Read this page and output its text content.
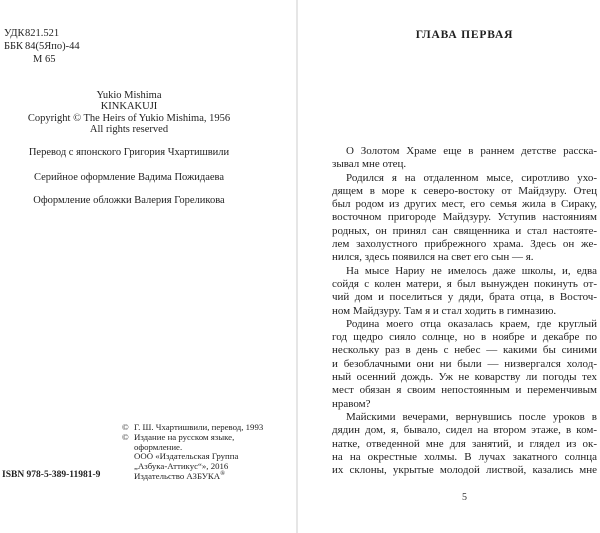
УДК821.521
ББК 84(5Япо)-44
М 65
Yukio Mishima
KINKAKUJI
Copyright © The Heirs of Yukio Mishima, 1956
All rights reserved
Перевод с японского Григория Чхартишвили
Серийное оформление Вадима Пожидаева
Оформление обложки Валерия Гореликова
© Г. Ш. Чхартишвили, перевод, 1993
© Издание на русском языке,
оформление.
ООО «Издательская Группа
„Азбука-Аттикус“», 2016
Издательство АЗБУКА®
ISBN 978-5-389-11981-9
ГЛАВА ПЕРВАЯ
О Золотом Храме еще в раннем детстве расска-
зывал мне отец.
Родился я на отдаленном мысе, сиротливо ухо-
дящем в море к северо-востоку от Майдзуру. Отец
был родом из других мест, его семья жила в Сираку,
восточном пригороде Майдзуру. Уступив настояниям
родных, он принял сан священника и стал настояте-
лем захолустного прибрежного храма. Здесь он же-
нился, здесь появился на свет его сын — я.
На мысе Нариу не имелось даже школы, и, едва
сойдя с колен матери, я был вынужден покинуть от-
чий дом и поселиться у дяди, брата отца, в Восточ-
ном Майдзуру. Там я и стал ходить в гимназию.
Родина моего отца оказалась краем, где круглый
год щедро сияло солнце, но в ноябре и декабре по
нескольку раз в день с небес — какими бы синими
и безоблачными они ни были — низвергался холод-
ный осенний дождь. Уж не коварству ли погоды тех
мест обязан я своим непостоянным и переменчивым
нравом?
Майскими вечерами, вернувшись после уроков в
дядин дом, я, бывало, сидел на втором этаже, в ком-
натке, отведенной мне для занятий, и глядел из ок-
на на окрестные холмы. В лучах закатного солнца
их склоны, укрытые молодой листвой, казались мне
5
